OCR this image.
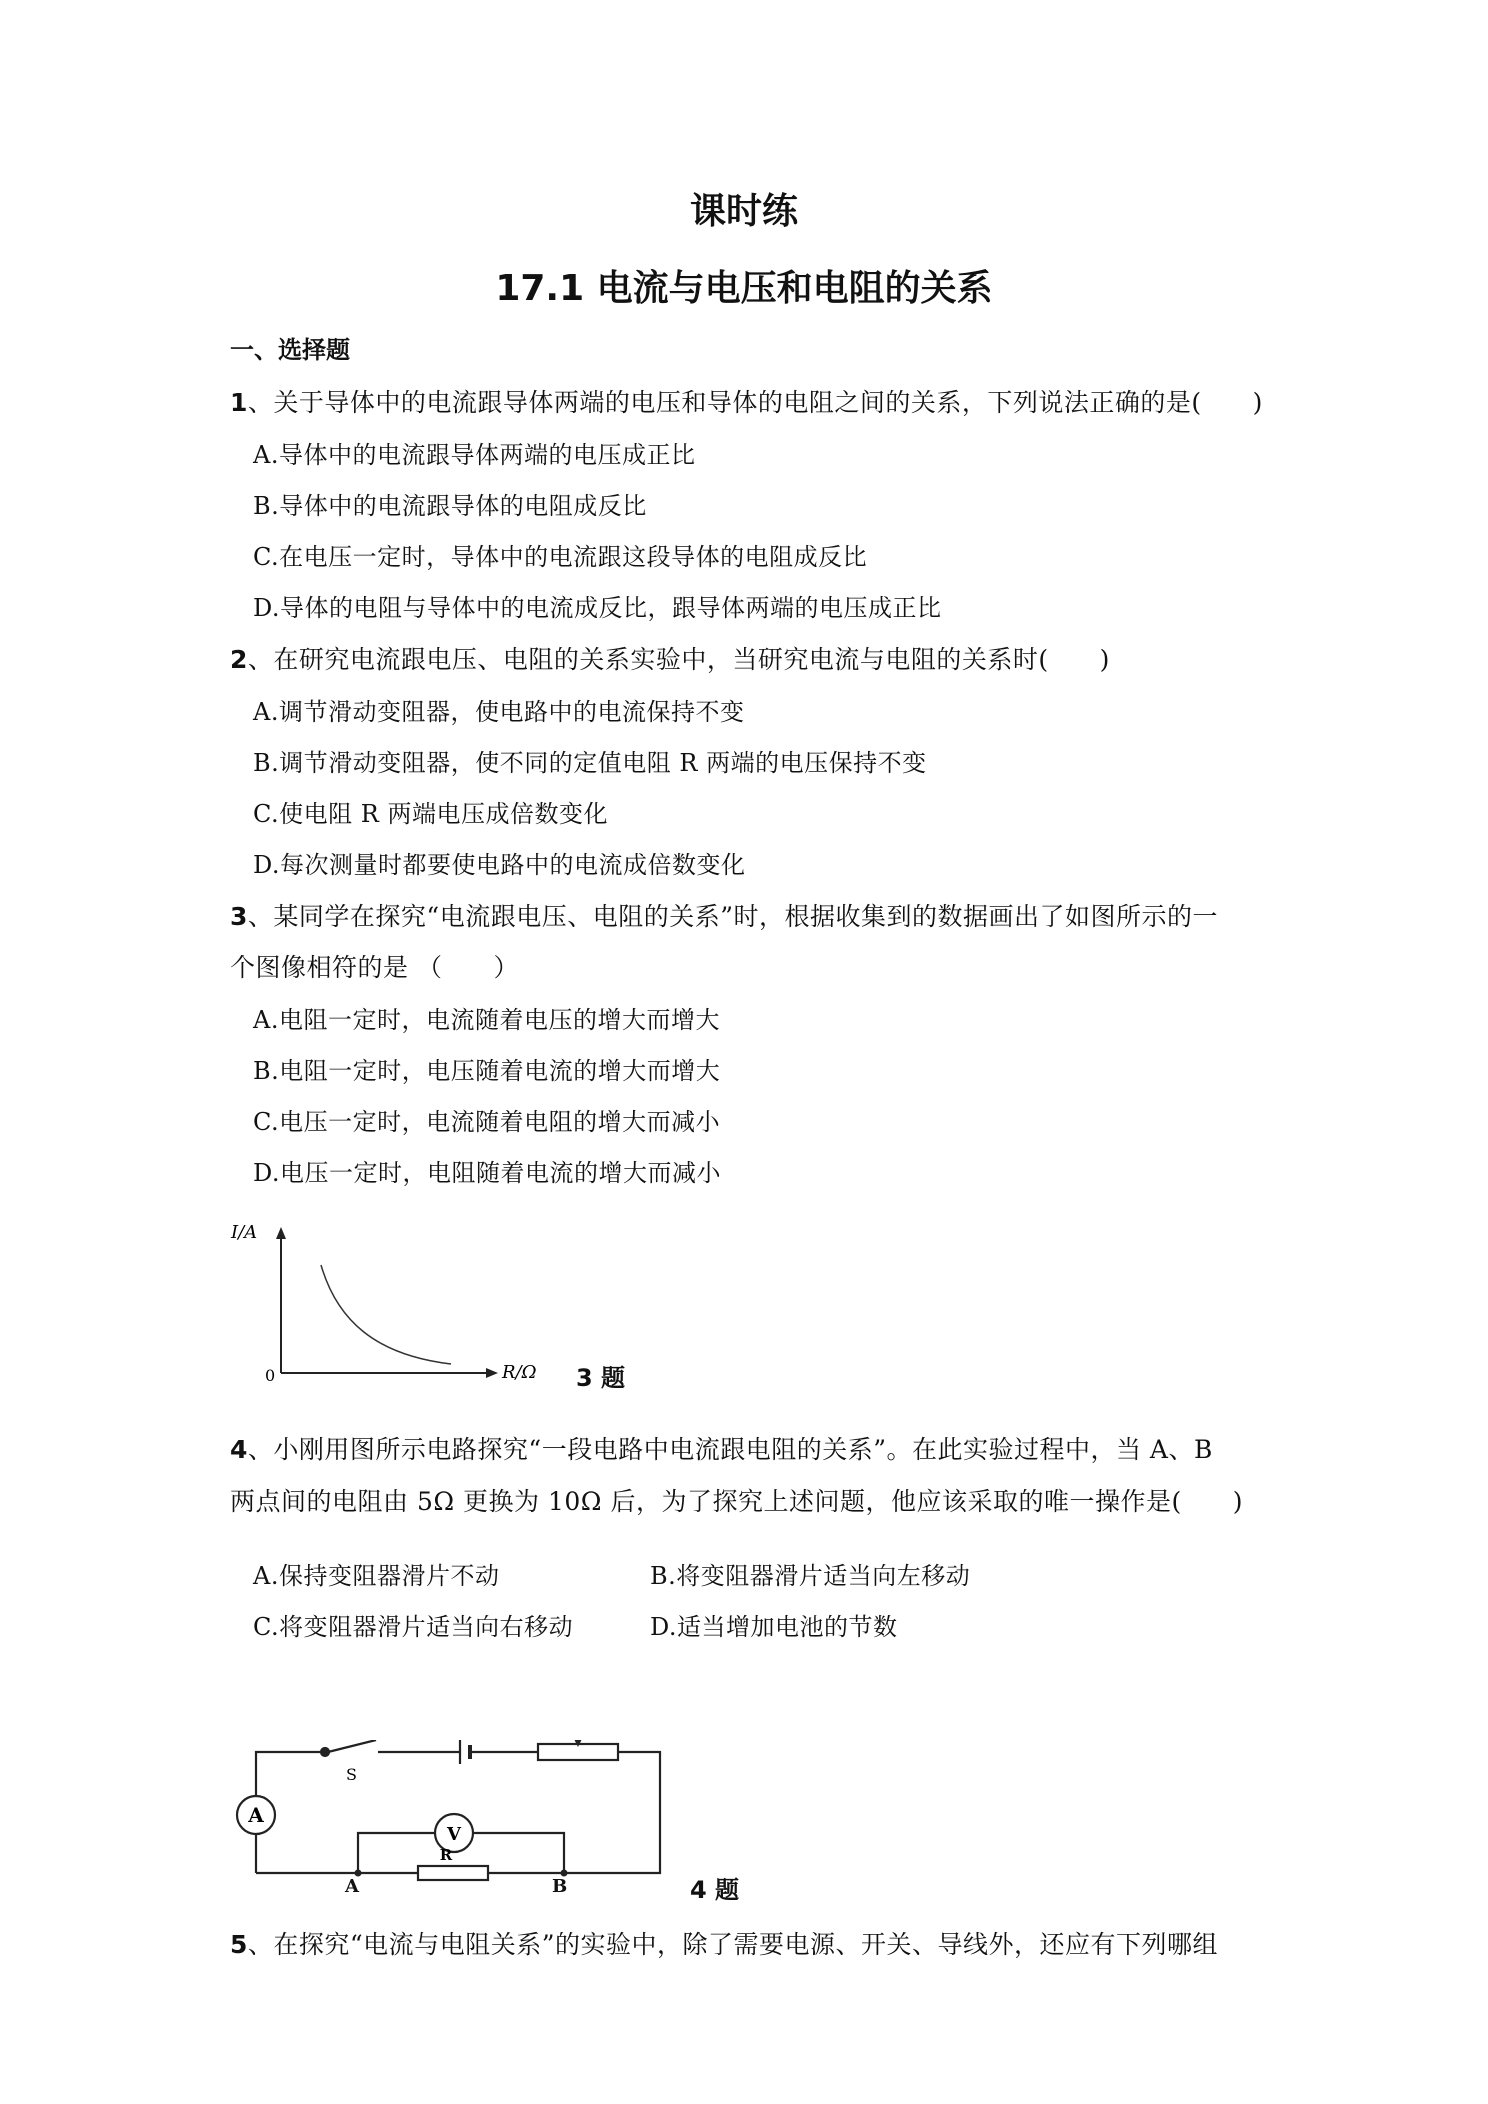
课时练
17.1 电流与电压和电阻的关系
一、选择题
1、关于导体中的电流跟导体两端的电压和导体的电阻之间的关系，下列说法正确的是(　　)
A.导体中的电流跟导体两端的电压成正比
B.导体中的电流跟导体的电阻成反比
C.在电压一定时，导体中的电流跟这段导体的电阻成反比
D.导体的电阻与导体中的电流成反比，跟导体两端的电压成正比
2、在研究电流跟电压、电阻的关系实验中，当研究电流与电阻的关系时(　　)
A.调节滑动变阻器，使电路中的电流保持不变
B.调节滑动变阻器，使不同的定值电阻 R 两端的电压保持不变
C.使电阻 R 两端电压成倍数变化
D.每次测量时都要使电路中的电流成倍数变化
3、某同学在探究“电流跟电压、电阻的关系”时，根据收集到的数据画出了如图所示的一
个图像相符的是 （　　）
A.电阻一定时，电流随着电压的增大而增大
B.电阻一定时，电压随着电流的增大而增大
C.电压一定时，电流随着电阻的增大而减小
D.电压一定时，电阻随着电流的增大而减小
I/A
0	R/Ω 3 题
4、小刚用图所示电路探究“一段电路中电流跟电阻的关系”。在此实验过程中，当 A、B
两点间的电阻由 5Ω 更换为 10Ω 后，为了探究上述问题，他应该采取的唯一操作是(　　)
A.保持变阻器滑片不动	B.将变阻器滑片适当向左移动
C.将变阻器滑片适当向右移动	D.适当增加电池的节数
A
V
S
R
A	B	4 题
5、在探究“电流与电阻关系”的实验中，除了需要电源、开关、导线外，还应有下列哪组
